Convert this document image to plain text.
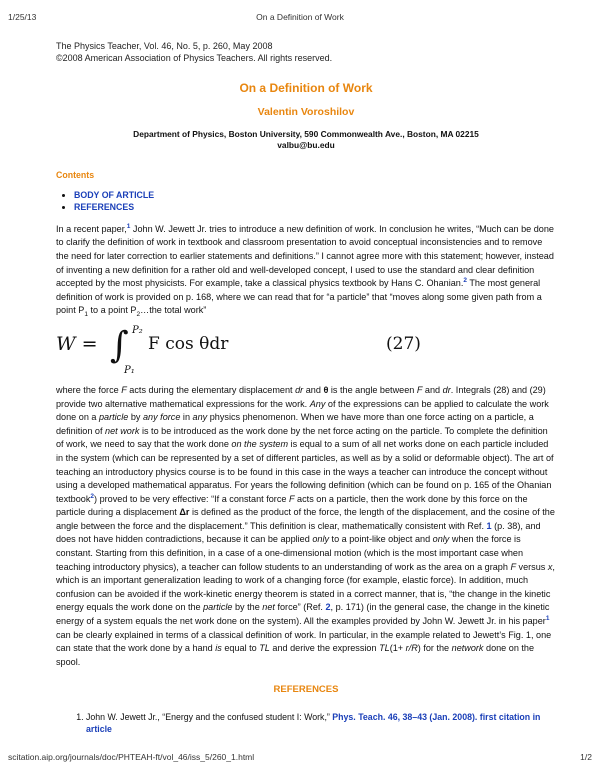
1/25/13	On a Definition of Work
The Physics Teacher, Vol. 46, No. 5, p. 260, May 2008
©2008 American Association of Physics Teachers. All rights reserved.
On a Definition of Work
Valentin Voroshilov
Department of Physics, Boston University, 590 Commonwealth Ave., Boston, MA 02215
valbu@bu.edu
Contents
• BODY OF ARTICLE
• REFERENCES

In a recent paper,$^1$ John W. Jewett Jr. tries to introduce a new definition of work. In conclusion he writes, “Much can be done to clarify the definition of work in textbook and classroom presentation to avoid conceptual inconsistencies and to remove the need for later correction to earlier statements and definitions.” I cannot agree more with this statement; however, instead of inventing a new definition for a rather old and well-developed concept, I used to use the standard and clear definition accepted by the most physicists. For example, take a classical physics textbook by Hans C. Ohanian.$^2$ The most general definition of work is provided on p. 168, where we can read that for “a particle” that “moves along some given path from a point $P_1$ to a point $P_2\dots the$ total work”

W = ∫ P₂
P₁
F cos θdr	(27)

where the force F acts during the elementary displacement dr and θ is the angle between F and dr. Integrals (28) and (29) provide two alternative mathematical expressions for the work. Any of the expressions can be applied to calculate the work done on a particle by any force in any physics phenomenon. When we have more than one force acting on a particle, a definition of net work is to be introduced as the work done by the net force acting on the particle. To complete the definition of work, we need to say that the work done on the system is equal to a sum of all net works done on each particle included in the system (which can be represented by a set of different particles, as well as by a solid or deformable object). The art of teaching an introductory physics course is to be found in this case in the ways a teacher can introduce the concept without using a developed mathematical apparatus. For years the following definition (which can be found on p. 165 of the Ohanian textbook$^2$) proved to be very effective: “If a constant force F acts on a particle, then the work done by this force on the particle during a displacement Δr is defined as the product of the force, the length of the displacement, and the cosine of the angle between the force and the displacement.” This definition is clear, mathematically consistent with Ref. 1 (p. 38), and does not have hidden contradictions, because it can be applied only to a point-like object and only when the force is constant. Starting from this definition, in a case of a one-dimensional motion (which is the most important case when teaching introductory physics), a teacher can follow students to an understanding of work as the area on a graph F versus x, which is an important generalization leading to work of a changing force (for example, elastic force). In addition, much confusion can be avoided if the work-kinetic energy theorem is stated in a correct manner, that is, “the change in the kinetic energy equals the work done on the particle by the net force” (Ref. 2, p. 171) (in the general case, the change in the kinetic energy of a system equals the net work done on the system). All the examples provided by John W. Jewett Jr. in his paper$^1$ can be clearly explained in terms of a classical definition of work. In particular, in the example related to Jewett’s Fig. 1, one can state that the work done by a hand is equal to TL and derive the expression TL(1+ r/R) for the network done on the spool.

REFERENCES
1. John W. Jewett Jr., “Energy and the confused student I: Work,” Phys. Teach. 46, 38–43 (Jan. 2008). first citation in article
scitation.aip.org/journals/doc/PHTEAH-ft/vol_46/iss_5/260_1.html	1/2
